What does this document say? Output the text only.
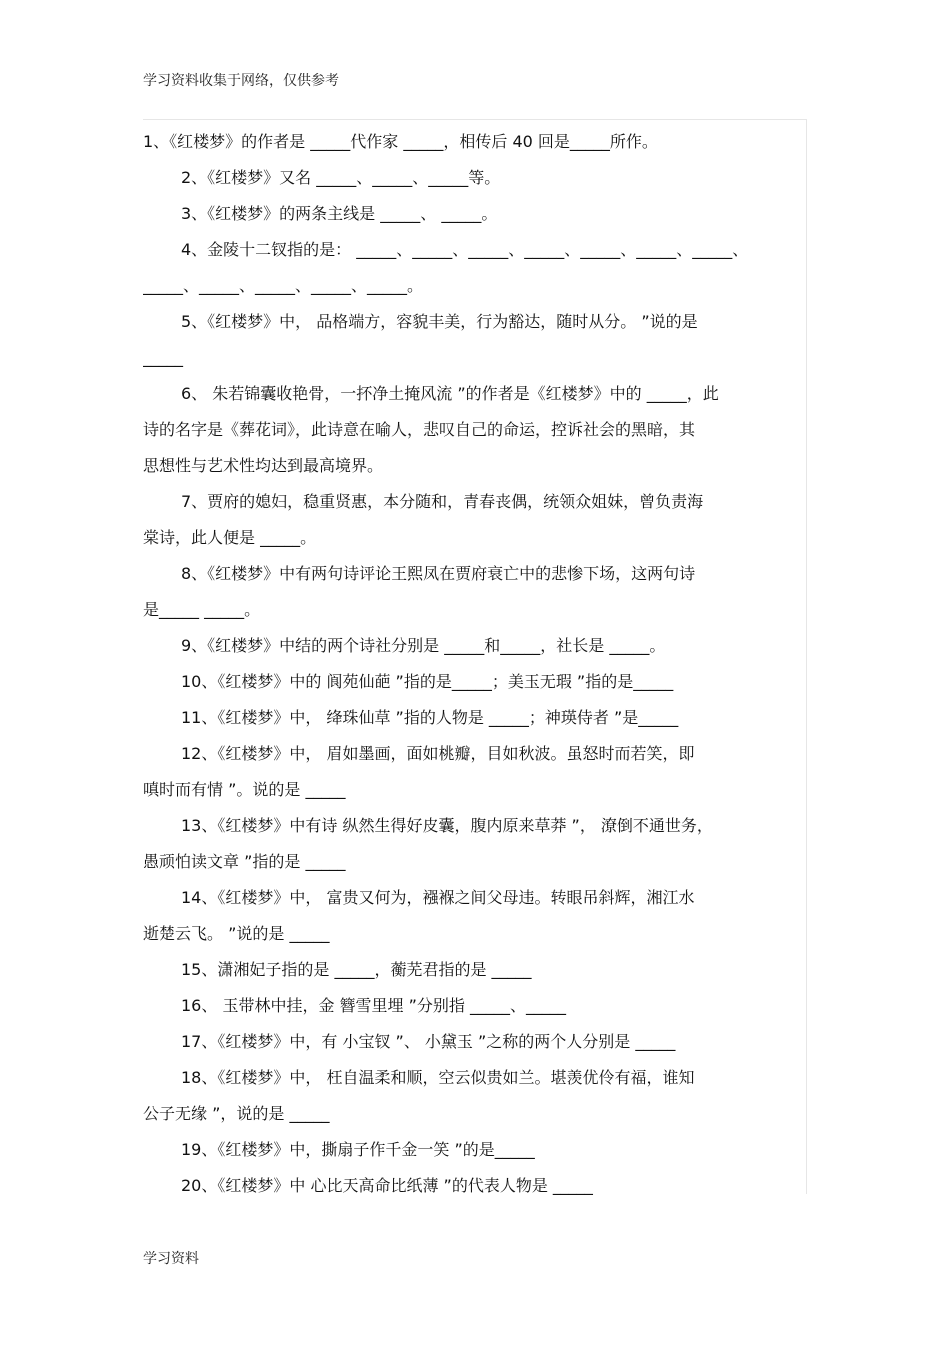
学习资料收集于网络，仅供参考
1、《红楼梦》的作者是 _____代作家 _____，相传后 40 回是_____所作。
2、《红楼梦》又名 _____、_____、_____等。
3、《红楼梦》的两条主线是 _____、 _____。
4、金陵十二钗指的是： _____、_____、_____、_____、_____、_____、_____、
_____、_____、_____、_____、_____。
5、《红楼梦》中， 品格端方，容貌丰美，行为豁达，随时从分。 ”说的是
_____
6、 朱若锦囊收艳骨，一抔净土掩风流 ”的作者是《红楼梦》中的 _____，此
诗的名字是《葬花词》，此诗意在喻人，悲叹自己的命运，控诉社会的黑暗，其
思想性与艺术性均达到最高境界。
7、贾府的媳妇，稳重贤惠，本分随和，青春丧偶，统领众姐妹，曾负责海
棠诗，此人便是 _____。
8、《红楼梦》中有两句诗评论王熙凤在贾府衰亡中的悲惨下场，这两句诗
是_____ _____。
9、《红楼梦》中结的两个诗社分别是 _____和_____，社长是 _____。
10、《红楼梦》中的 阆苑仙葩 ”指的是_____；美玉无瑕 ”指的是_____
11、《红楼梦》中， 绛珠仙草 ”指的人物是 _____；神瑛侍者 ”是_____
12、《红楼梦》中， 眉如墨画，面如桃瓣，目如秋波。虽怒时而若笑，即
嗔时而有情 ”。说的是 _____
13、《红楼梦》中有诗 纵然生得好皮囊，腹内原来草莽 ”， 潦倒不通世务，
愚顽怕读文章 ”指的是 _____
14、《红楼梦》中， 富贵又何为，襁褓之间父母违。转眼吊斜辉，湘江水
逝楚云飞。 ”说的是 _____
15、潇湘妃子指的是 _____，蘅芜君指的是 _____
16、 玉带林中挂，金 簪雪里埋 ”分别指 _____、_____
17、《红楼梦》中，有 小宝钗 ”、 小黛玉 ”之称的两个人分别是 _____
18、《红楼梦》中， 枉自温柔和顺，空云似贵如兰。堪羡优伶有福，谁知
公子无缘 ”，说的是 _____
19、《红楼梦》中，撕扇子作千金一笑 ”的是_____
20、《红楼梦》中 心比天高命比纸薄 ”的代表人物是 _____
学习资料
